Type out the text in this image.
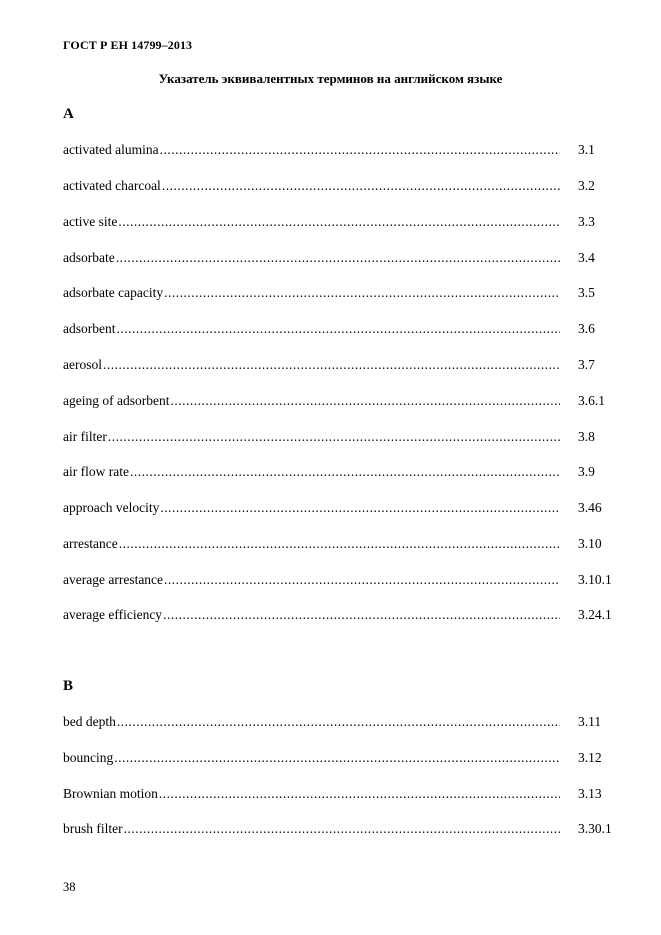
ГОСТ Р ЕН 14799–2013
Указатель эквивалентных терминов на английском языке
A
activated alumina .....	3.1
activated charcoal .....	3.2
active site .....	3.3
adsorbate .....	3.4
adsorbate capacity .....	3.5
adsorbent .....	3.6
aerosol .....	3.7
ageing of adsorbent .....	3.6.1
air filter .....	3.8
air flow rate .....	3.9
approach velocity .....	3.46
arrestance .....	3.10
average arrestance .....	3.10.1
average efficiency .....	3.24.1
B
bed depth .....	3.11
bouncing .....	3.12
Brownian motion .....	3.13
brush filter .....	3.30.1
38
